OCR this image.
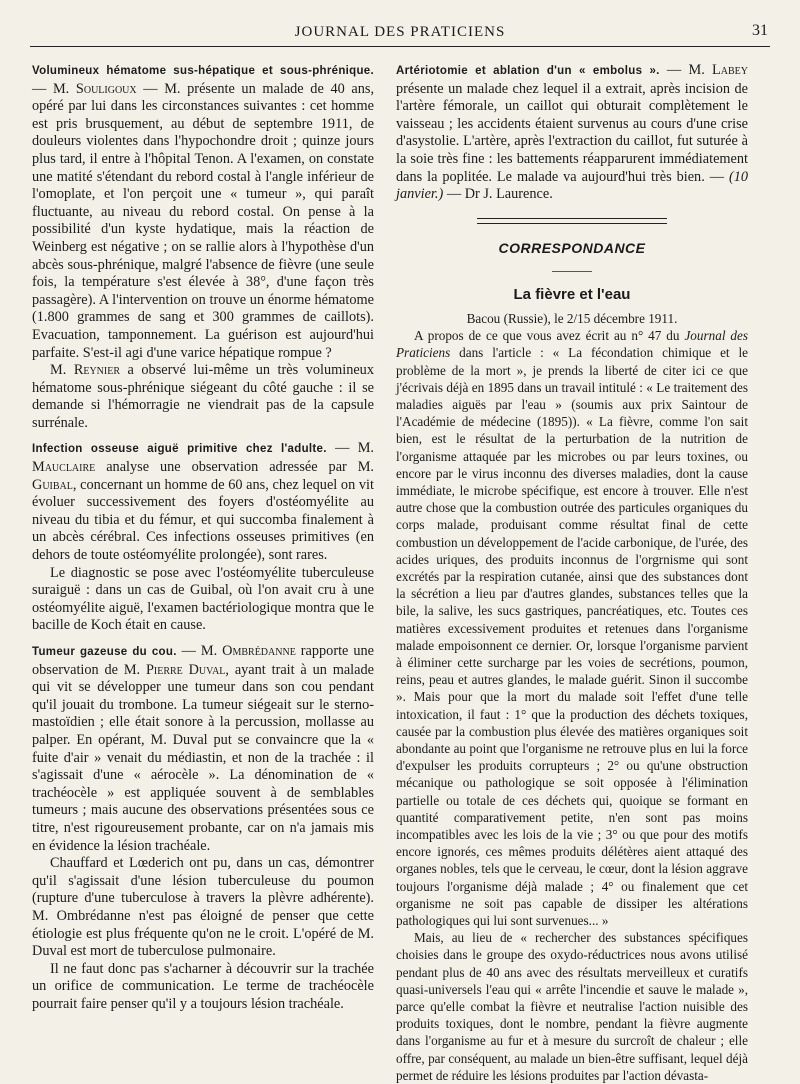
JOURNAL DES PRATICIENS	31

Volumineux hématome sus-hépatique et sous-phrénique. — M. Souligoux — M. présente un malade de 40 ans, opéré par lui dans les circonstances suivantes : cet homme est pris brusquement, au début de septembre 1911, de douleurs violentes dans l'hypochondre droit ; quinze jours plus tard, il entre à l'hôpital Tenon. A l'examen, on constate une matité s'étendant du rebord costal à l'angle inférieur de l'omoplate, et l'on perçoit une « tumeur », qui paraît fluctuante, au niveau du rebord costal. On pense à la possibilité d'un kyste hydatique, mais la réaction de Weinberg est négative ; on se rallie alors à l'hypothèse d'un abcès sous-phrénique, malgré l'absence de fièvre (une seule fois, la température s'est élevée à 38°, d'une façon très passagère). A l'intervention on trouve un énorme hématome (1.800 grammes de sang et 300 grammes de caillots). Evacuation, tamponnement. La guérison est aujourd'hui parfaite. S'est-il agi d'une varice hépatique rompue ?

M. Reynier a observé lui-même un très volumineux hématome sous-phrénique siégeant du côté gauche : il se demande si l'hémorragie ne viendrait pas de la capsule surrénale.

Infection osseuse aiguë primitive chez l'adulte. — M. Mauclaire analyse une observation adressée par M. Guibal, concernant un homme de 60 ans, chez lequel on vit évoluer successivement des foyers d'ostéomyélite au niveau du tibia et du fémur, et qui succomba finalement à un abcès cérébral. Ces infections osseuses primitives (en dehors de toute ostéomyélite prolongée), sont rares.

Le diagnostic se pose avec l'ostéomyélite tuberculeuse suraiguë : dans un cas de Guibal, où l'on avait cru à une ostéomyélite aiguë, l'examen bactériologique montra que le bacille de Koch était en cause.

Tumeur gazeuse du cou. — M. Ombrédanne rapporte une observation de M. Pierre Duval, ayant trait à un malade qui vit se développer une tumeur dans son cou pendant qu'il jouait du trombone. La tumeur siégeait sur le sterno-mastoïdien ; elle était sonore à la percussion, mollasse au palper. En opérant, M. Duval put se convaincre que la « fuite d'air » venait du médiastin, et non de la trachée : il s'agissait d'une « aérocèle ». La dénomination de « trachéocèle » est appliquée souvent à de semblables tumeurs ; mais aucune des observations présentées sous ce titre, n'est rigoureusement probante, car on n'a jamais mis en évidence la lésion trachéale.

Chauffard et Lœderich ont pu, dans un cas, démontrer qu'il s'agissait d'une lésion tuberculeuse du poumon (rupture d'une tuberculose à travers la plèvre adhérente). M. Ombrédanne n'est pas éloigné de penser que cette étiologie est plus fréquente qu'on ne le croit. L'opéré de M. Duval est mort de tuberculose pulmonaire.

Il ne faut donc pas s'acharner à découvrir sur la trachée un orifice de communication. Le terme de trachéocèle pourrait faire penser qu'il y a toujours lésion trachéale.

Artériotomie et ablation d'un « embolus ». — M. Labey présente un malade chez lequel il a extrait, après incision de l'artère fémorale, un caillot qui obturait complètement le vaisseau ; les accidents étaient survenus au cours d'une crise d'asystolie. L'artère, après l'extraction du caillot, fut suturée à la soie très fine : les battements réapparurent immédiatement dans la poplitée. Le malade va aujourd'hui très bien. — (10 janvier.) — Dr J. Laurence.

CORRESPONDANCE
La fièvre et l'eau
Bacou (Russie), le 2/15 décembre 1911.

A propos de ce que vous avez écrit au n° 47 du Journal des Praticiens dans l'article : « La fécondation chimique et le problème de la mort », je prends la liberté de citer ici ce que j'écrivais déjà en 1895 dans un travail intitulé : « Le traitement des maladies aiguës par l'eau » (soumis aux prix Saintour de l'Académie de médecine (1895)). « La fièvre, comme l'on sait bien, est le résultat de la perturbation de la nutrition de l'organisme attaquée par les microbes ou par leurs toxines, ou encore par le virus inconnu des diverses maladies, dont la cause immédiate, le microbe spécifique, est encore à trouver. Elle n'est autre chose que la combustion outrée des particules organiques du corps malade, produisant comme résultat final de cette combustion un développement de l'acide carbonique, de l'urée, des acides uriques, des produits inconnus de l'orgrnisme qui sont excrétés par la respiration cutanée, ainsi que des substances dont la sécrétion a lieu par d'autres glandes, substances telles que la bile, la salive, les sucs gastriques, pancréatiques, etc. Toutes ces matières excessivement produites et retenues dans l'organisme malade empoisonnent ce dernier. Or, lorsque l'organisme parvient à éliminer cette surcharge par les voies de secrétions, poumon, reins, peau et autres glandes, le malade guérit. Sinon il succombe ». Mais pour que la mort du malade soit l'effet d'une telle intoxication, il faut : 1° que la production des déchets toxiques, causée par la combustion plus élevée des matières organiques soit abondante au point que l'organisme ne retrouve plus en lui la force d'expulser les produits corrupteurs ; 2° ou qu'une obstruction mécanique ou pathologique se soit opposée à l'élimination partielle ou totale de ces déchets qui, quoique se formant en quantité comparativement petite, n'en sont pas moins incompatibles avec les lois de la vie ; 3° ou que pour des motifs encore ignorés, ces mêmes produits délétères aient attaqué des organes nobles, tels que le cerveau, le cœur, dont la lésion aggrave toujours l'organisme déjà malade ; 4° ou finalement que cet organisme ne soit pas capable de dissiper les altérations pathologiques qui lui sont survenues... »

Mais, au lieu de « rechercher des substances spécifiques choisies dans le groupe des oxydo-réductrices nous avons utilisé pendant plus de 40 ans avec des résultats merveilleux et curatifs quasi-universels l'eau qui « arrête l'incendie et sauve le malade », parce qu'elle combat la fièvre et neutralise l'action nuisible des produits toxiques, dont le nombre, pendant la fièvre augmente dans l'organisme au fur et à mesure du surcroît de chaleur ; elle offre, par conséquent, au malade un bien-être suffisant, lequel déjà permet de réduire les lésions produites par l'action dévasta-
